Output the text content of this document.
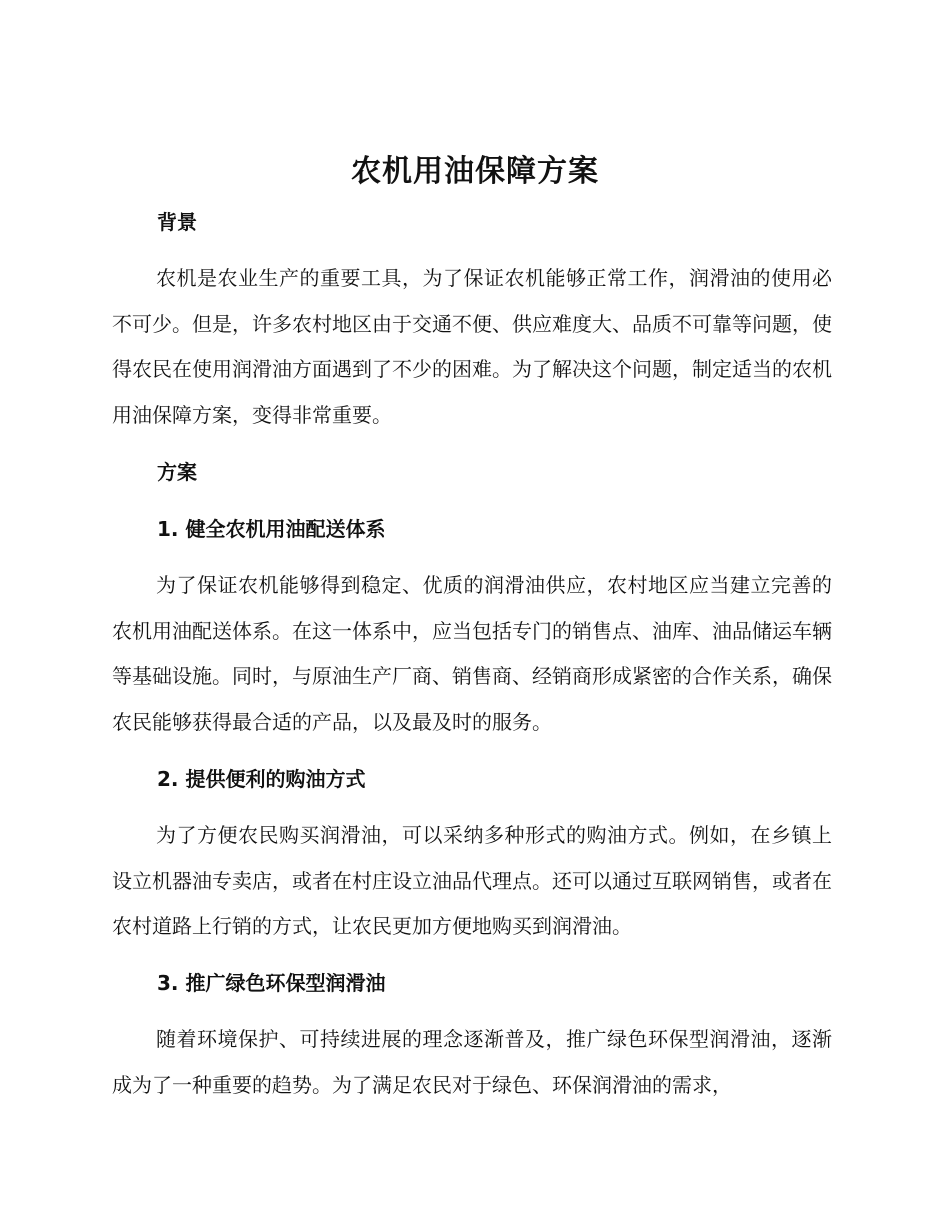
农机用油保障方案
背景

农机是农业生产的重要工具，为了保证农机能够正常工作，润滑油的使用必不可少。但是，许多农村地区由于交通不便、供应难度大、品质不可靠等问题，使得农民在使用润滑油方面遇到了不少的困难。为了解决这个问题，制定适当的农机用油保障方案，变得非常重要。

方案
1. 健全农机用油配送体系

为了保证农机能够得到稳定、优质的润滑油供应，农村地区应当建立完善的农机用油配送体系。在这一体系中，应当包括专门的销售点、油库、油品储运车辆等基础设施。同时，与原油生产厂商、销售商、经销商形成紧密的合作关系，确保农民能够获得最合适的产品，以及最及时的服务。

2. 提供便利的购油方式

为了方便农民购买润滑油，可以采纳多种形式的购油方式。例如，在乡镇上设立机器油专卖店，或者在村庄设立油品代理点。还可以通过互联网销售，或者在农村道路上行销的方式，让农民更加方便地购买到润滑油。

3. 推广绿色环保型润滑油

随着环境保护、可持续进展的理念逐渐普及，推广绿色环保型润滑油，逐渐成为了一种重要的趋势。为了满足农民对于绿色、环保润滑油的需求，
